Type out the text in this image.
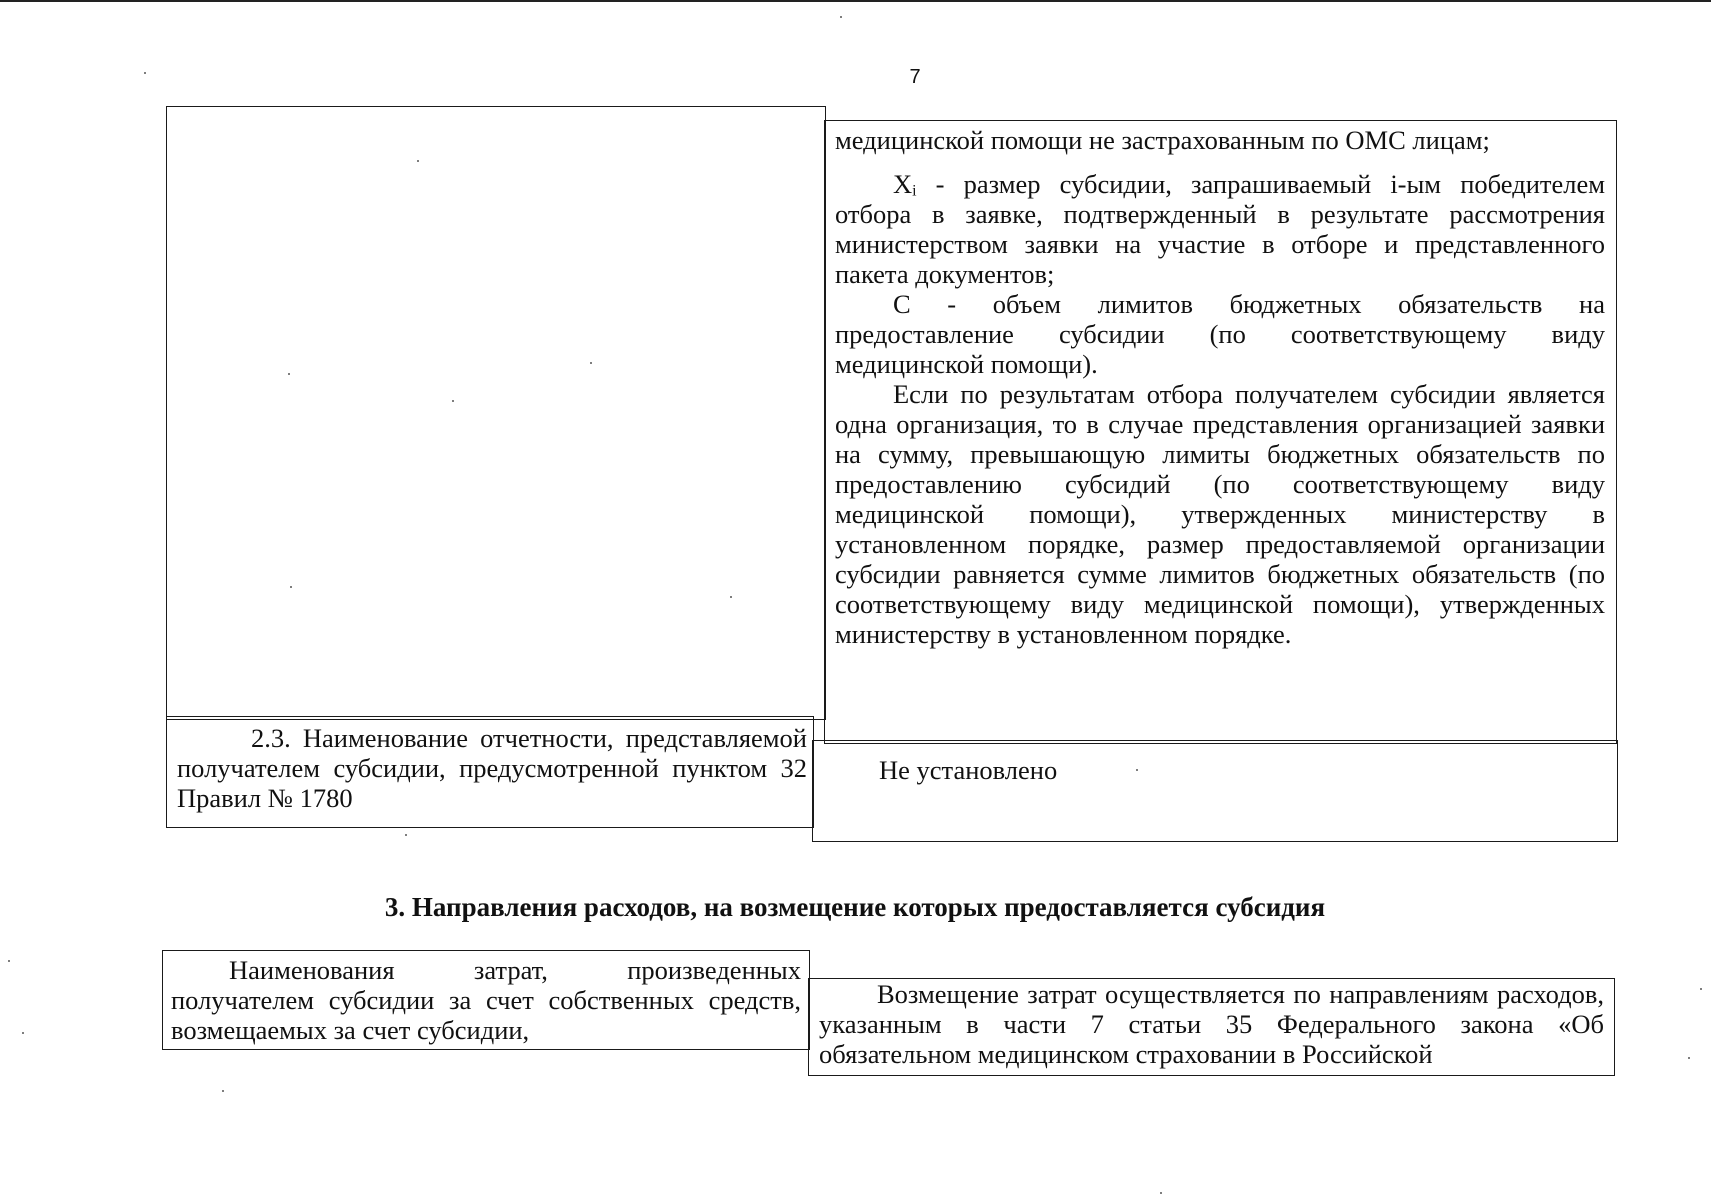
7

медицинской помощи не застрахованным по ОМС лицам;

Xᵢ - размер субсидии, запрашиваемый i-ым победителем отбора в заявке, подтвержденный в результате рассмотрения министерством заявки на участие в отборе и представленного пакета документов;

C - объем лимитов бюджетных обязательств на предоставление субсидии (по соответствующему виду медицинской помощи).

Если по результатам отбора получателем субсидии является одна организация, то в случае представления организацией заявки на сумму, превышающую лимиты бюджетных обязательств по предоставлению субсидий (по соответствующему виду медицинской помощи), утвержденных министерству в установленном порядке, размер предоставляемой организации субсидии равняется сумме лимитов бюджетных обязательств (по соответствующему виду медицинской помощи), утвержденных министерству в установленном порядке.

2.3. Наименование отчетности, представляемой получателем субсидии, предусмотренной пунктом 32 Правил № 1780
Не установлено
3. Направления расходов, на возмещение которых предоставляется субсидия
Наименования затрат, произведенных получателем субсидии за счет собственных средств, возмещаемых за счет субсидии,
Возмещение затрат осуществляется по направлениям расходов, указанным в части 7 статьи 35 Федерального закона «Об обязательном медицинском страховании в Российской
